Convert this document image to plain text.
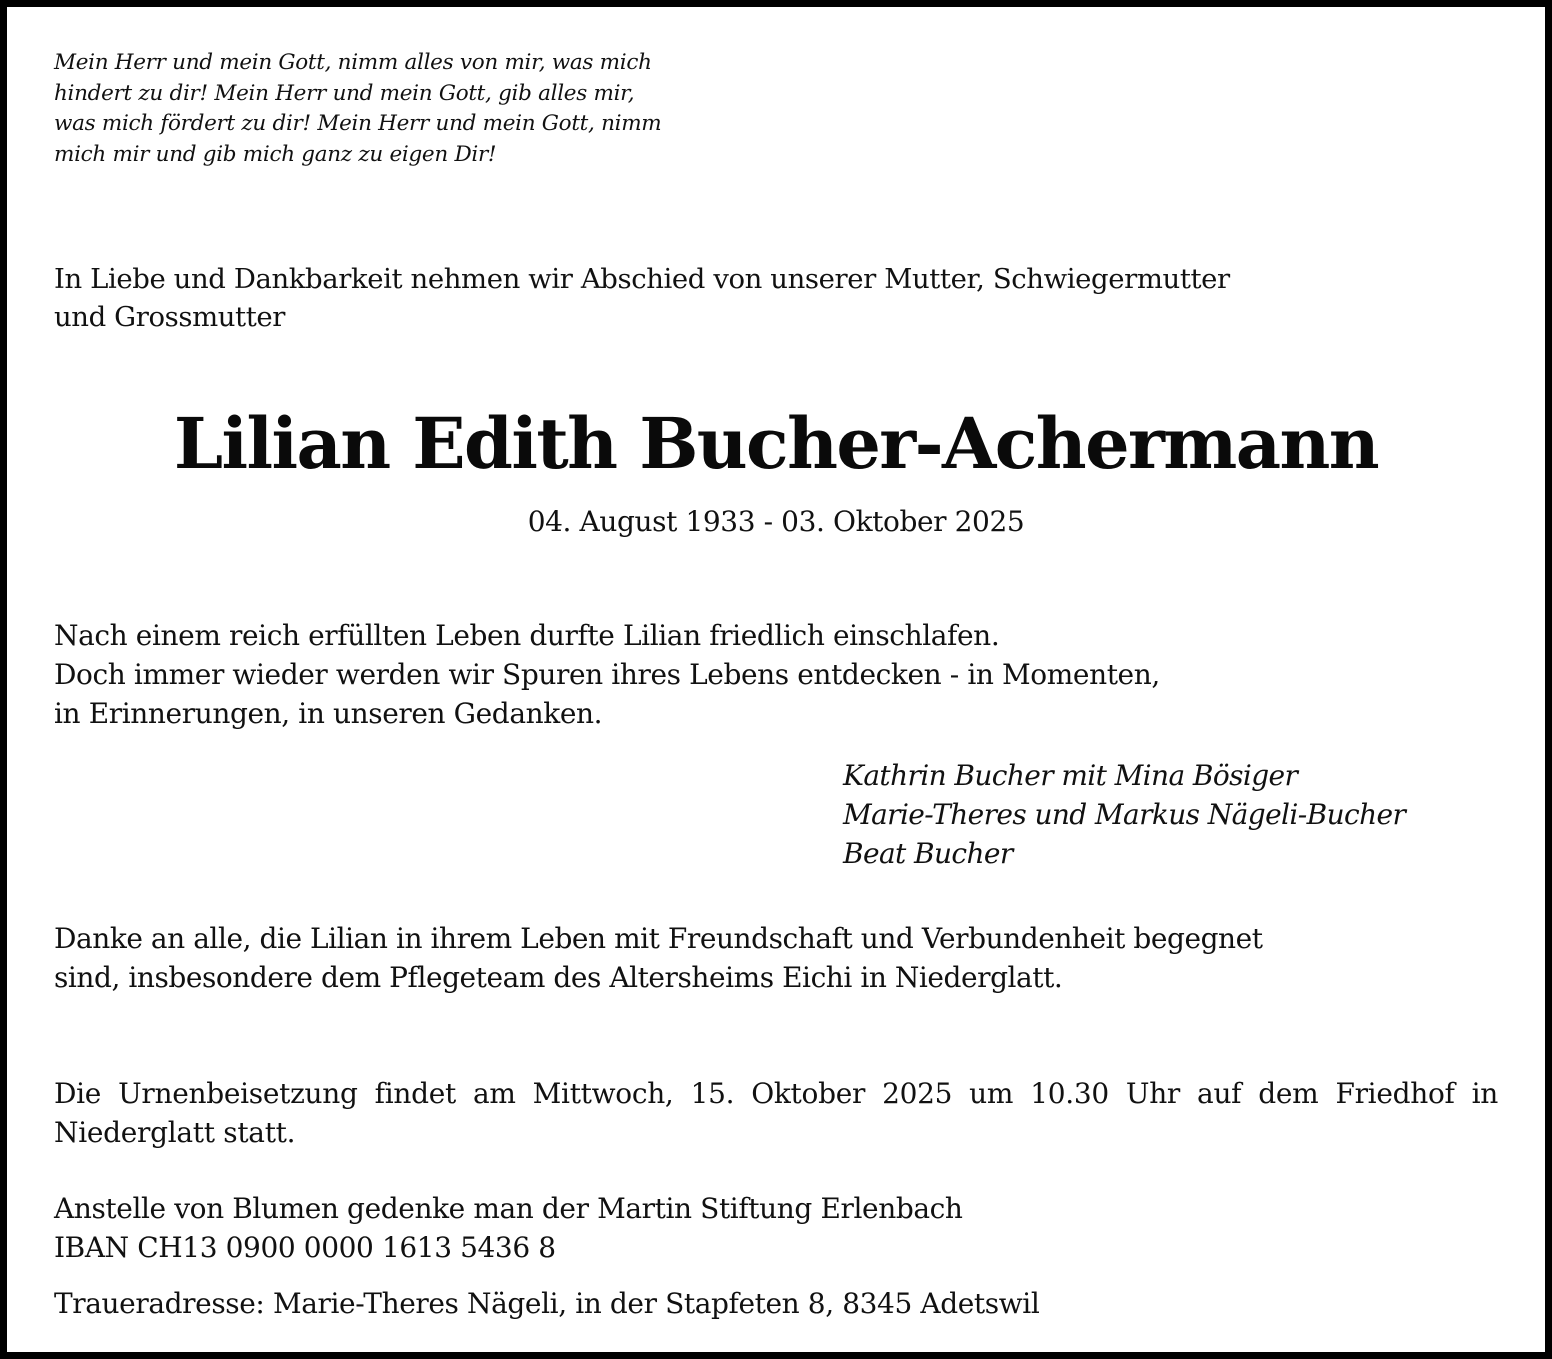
Mein Herr und mein Gott, nimm alles von mir, was mich
hindert zu dir! Mein Herr und mein Gott, gib alles mir,
was mich fördert zu dir! Mein Herr und mein Gott, nimm
mich mir und gib mich ganz zu eigen Dir!

In Liebe und Dankbarkeit nehmen wir Abschied von unserer Mutter, Schwiegermutter
und Grossmutter

Lilian Edith Bucher-Achermann

04. August 1933 - 03. Oktober 2025

Nach einem reich erfüllten Leben durfte Lilian friedlich einschlafen.
Doch immer wieder werden wir Spuren ihres Lebens entdecken - in Momenten,
in Erinnerungen, in unseren Gedanken.

Kathrin Bucher mit Mina Bösiger
Marie-Theres und Markus Nägeli-Bucher
Beat Bucher

Danke an alle, die Lilian in ihrem Leben mit Freundschaft und Verbundenheit begegnet
sind, insbesondere dem Pflegeteam des Altersheims Eichi in Niederglatt.

Die Urnenbeisetzung findet am Mittwoch, 15. Oktober 2025 um 10.30 Uhr auf dem Friedhof in Niederglatt statt.

Anstelle von Blumen gedenke man der Martin Stiftung Erlenbach
IBAN CH13 0900 0000 1613 5436 8

Traueradresse: Marie-Theres Nägeli, in der Stapfeten 8, 8345 Adetswil
